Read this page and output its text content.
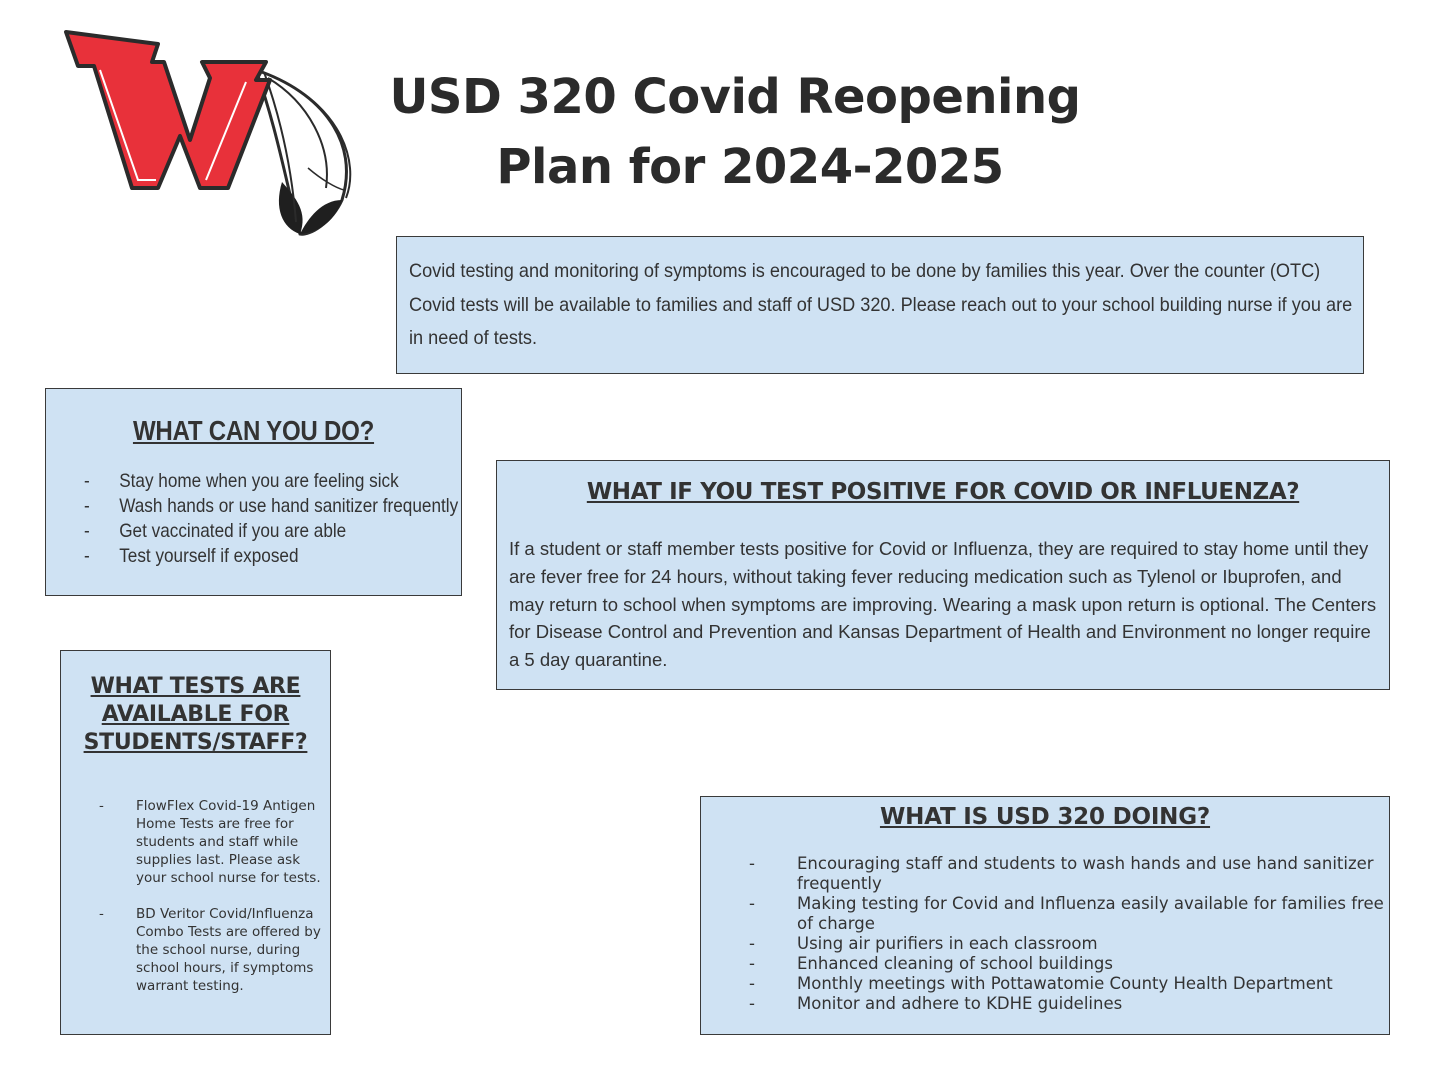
USD 320 Covid Reopening
Plan for 2024-2025

Covid testing and monitoring of symptoms is encouraged to be done by families this year. Over the counter (OTC) Covid tests will be available to families and staff of USD 320. Please reach out to your school building nurse if you are in need of tests.

WHAT CAN YOU DO?
- Stay home when you are feeling sick
- Wash hands or use hand sanitizer frequently
- Get vaccinated if you are able
- Test yourself if exposed
WHAT IF YOU TEST POSITIVE FOR COVID OR INFLUENZA?

If a student or staff member tests positive for Covid or Influenza, they are required to stay home until they are fever free for 24 hours, without taking fever reducing medication such as Tylenol or Ibuprofen, and may return to school when symptoms are improving. Wearing a mask upon return is optional. The Centers for Disease Control and Prevention and Kansas Department of Health and Environment no longer require a 5 day quarantine.

WHAT TESTS ARE AVAILABLE FOR STUDENTS/STAFF?
- FlowFlex Covid-19 Antigen Home Tests are free for students and staff while supplies last. Please ask your school nurse for tests.
- BD Veritor Covid/Influenza Combo Tests are offered by the school nurse, during school hours, if symptoms warrant testing.
WHAT IS USD 320 DOING?
-	Encouraging staff and students to wash hands and use hand sanitizer frequently
-	Making testing for Covid and Influenza easily available for families free of charge
-	Using air purifiers in each classroom
-	Enhanced cleaning of school buildings
-	Monthly meetings with Pottawatomie County Health Department
-	Monitor and adhere to KDHE guidelines
